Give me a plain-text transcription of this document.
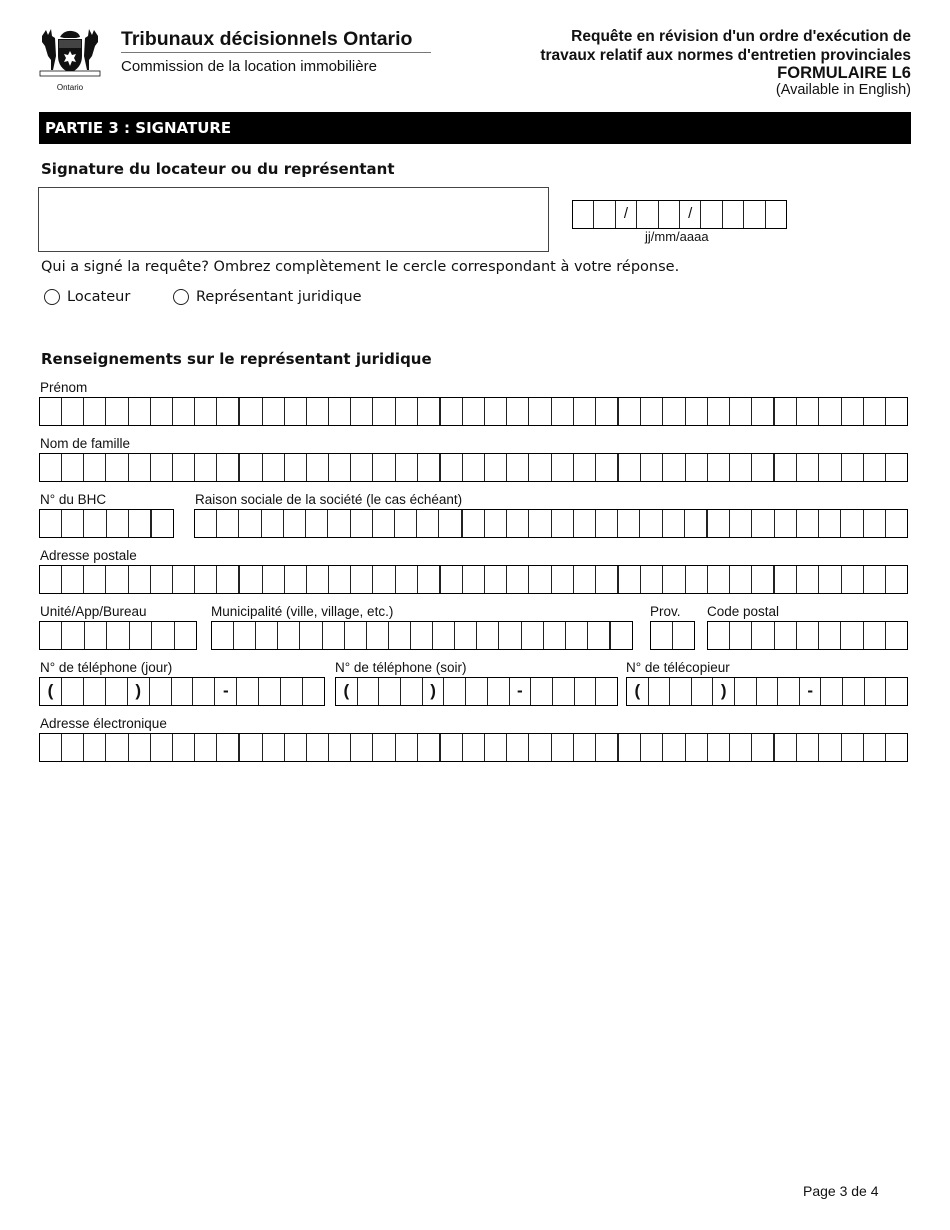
Ontario
Tribunaux décisionnels Ontario
Commission de la location immobilière
Requête en révision d'un ordre d'exécution de
travaux relatif aux normes d'entretien provinciales
FORMULAIRE L6
(Available in English)
PARTIE 3 : SIGNATURE
Signature du locateur ou du représentant
/	/
jj/mm/aaaa
Qui a signé la requête? Ombrez complètement le cercle correspondant à votre réponse.
Locateur	Représentant juridique
Renseignements sur le représentant juridique
Prénom
Nom de famille
N° du BHC	Raison sociale de la société (le cas échéant)
Adresse postale
Unité/App/Bureau	Municipalité (ville, village, etc.)	Prov. Code postal
N° de téléphone (jour)
(	)	-
N° de téléphone (soir)
(	)	-
N° de télécopieur
(	)	-
Adresse électronique
Page 3 de 4
